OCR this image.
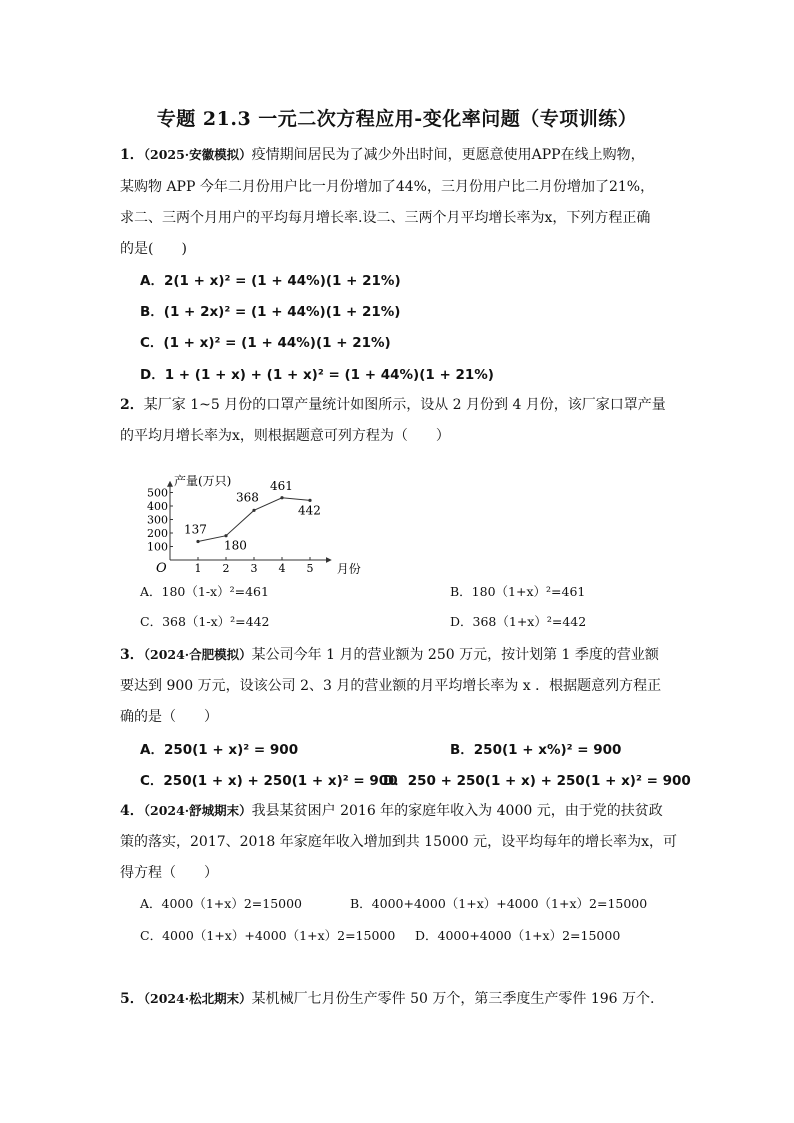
专题 21.3 一元二次方程应用-变化率问题（专项训练）
1．（2025·安徽模拟）疫情期间居民为了减少外出时间，更愿意使用APP在线上购物，
某购物 APP 今年二月份用户比一月份增加了44%，三月份用户比二月份增加了21%，
求二、三两个月用户的平均每月增长率.设二、三两个月平均增长率为x，下列方程正确
的是(　　)
A．2(1 + x)² = (1 + 44%)(1 + 21%)
B．(1 + 2x)² = (1 + 44%)(1 + 21%)
C．(1 + x)² = (1 + 44%)(1 + 21%)
D．1 + (1 + x) + (1 + x)² = (1 + 44%)(1 + 21%)
2．某厂家 1~5 月份的口罩产量统计如图所示，设从 2 月份到 4 月份，该厂家口罩产量
的平均月增长率为x，则根据题意可列方程为（　　）
O	1 2 3 4 5 月份
100
200
300
400
500
产量(万只)
137
180
368
461
442
A．180（1-x）²=461	B．180（1+x）²=461
C．368（1-x）²=442	D．368（1+x）²=442
3．（2024·合肥模拟）某公司今年 1 月的营业额为 250 万元，按计划第 1 季度的营业额
要达到 900 万元，设该公司 2、3 月的营业额的月平均增长率为 x ．根据题意列方程正
确的是（　　）
A．250(1 + x)² = 900	B．250(1 + x%)² = 900
C．250(1 + x) + 250(1 + x)² = 900
D．250 + 250(1 + x) + 250(1 + x)² = 900
4．（2024·舒城期末）我县某贫困户 2016 年的家庭年收入为 4000 元，由于党的扶贫政
策的落实，2017、2018 年家庭年收入增加到共 15000 元，设平均每年的增长率为x，可
得方程（　　）
A．4000（1+x）2=15000	B．4000+4000（1+x）+4000（1+x）2=15000
C．4000（1+x）+4000（1+x）2=15000 D．4000+4000（1+x）2=15000
5．（2024·松北期末）某机械厂七月份生产零件 50 万个，第三季度生产零件 196 万个.
